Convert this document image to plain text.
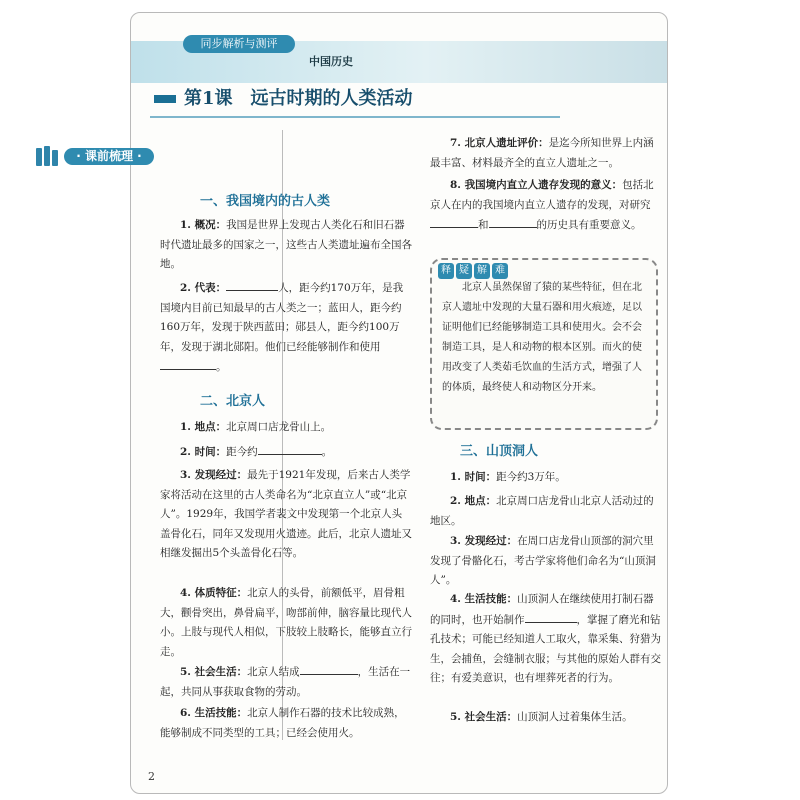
同步解析与测评
中国历史
第1课　远古时期的人类活动
· 课前梳理 ·
一、我国境内的古人类
1. 概况：我国是世界上发现古人类化石和旧石器时代遗址最多的国家之一，这些古人类遗址遍布全国各地。
2. 代表：	人，距今约170万年，是我国境内目前已知最早的古人类之一；蓝田人，距今约160万年，发现于陕西蓝田；郧县人，距今约100万年，发现于湖北郧阳。他们已经能够制作和使用。
二、北京人
1. 地点：北京周口店龙骨山上。
2. 时间：距今约	。
3. 发现经过：最先于1921年发现，后来古人类学家将活动在这里的古人类命名为“北京直立人”或“北京人”。1929年，我国学者裴文中发现第一个北京人头盖骨化石，同年又发现用火遗迹。此后，北京人遗址又相继发掘出5个头盖骨化石等。
4. 体质特征：北京人的头骨，前额低平，眉骨粗大，颧骨突出，鼻骨扁平，吻部前伸，脑容量比现代人小。上肢与现代人相似，下肢较上肢略长，能够直立行走。
5. 社会生活：北京人结成	，生活在一起，共同从事获取食物的劳动。
6. 生活技能：北京人制作石器的技术比较成熟，能够制成不同类型的工具；已经会使用火。
7. 北京人遗址评价：是迄今所知世界上内涵最丰富、材料最齐全的直立人遗址之一。
8. 我国境内直立人遗存发现的意义：包括北京人在内的我国境内直立人遗存的发现，对研究和	的历史具有重要意义。
释 疑 解 难
北京人虽然保留了猿的某些特征，但在北京人遗址中发现的大量石器和用火痕迹，足以证明他们已经能够制造工具和使用火。会不会制造工具，是人和动物的根本区别。而火的使用改变了人类茹毛饮血的生活方式，增强了人的体质，最终使人和动物区分开来。
三、山顶洞人
1. 时间：距今约3万年。
2. 地点：北京周口店龙骨山北京人活动过的地区。
3. 发现经过：在周口店龙骨山顶部的洞穴里发现了骨骼化石，考古学家将他们命名为“山顶洞人”。
4. 生活技能：山顶洞人在继续使用打制石器的同时，也开始制作	，掌握了磨光和钻孔技术；可能已经知道人工取火，靠采集、狩猎为生，会捕鱼，会缝制衣服；与其他的原始人群有交往；有爱美意识，也有埋葬死者的行为。
5. 社会生活：山顶洞人过着集体生活。
2
